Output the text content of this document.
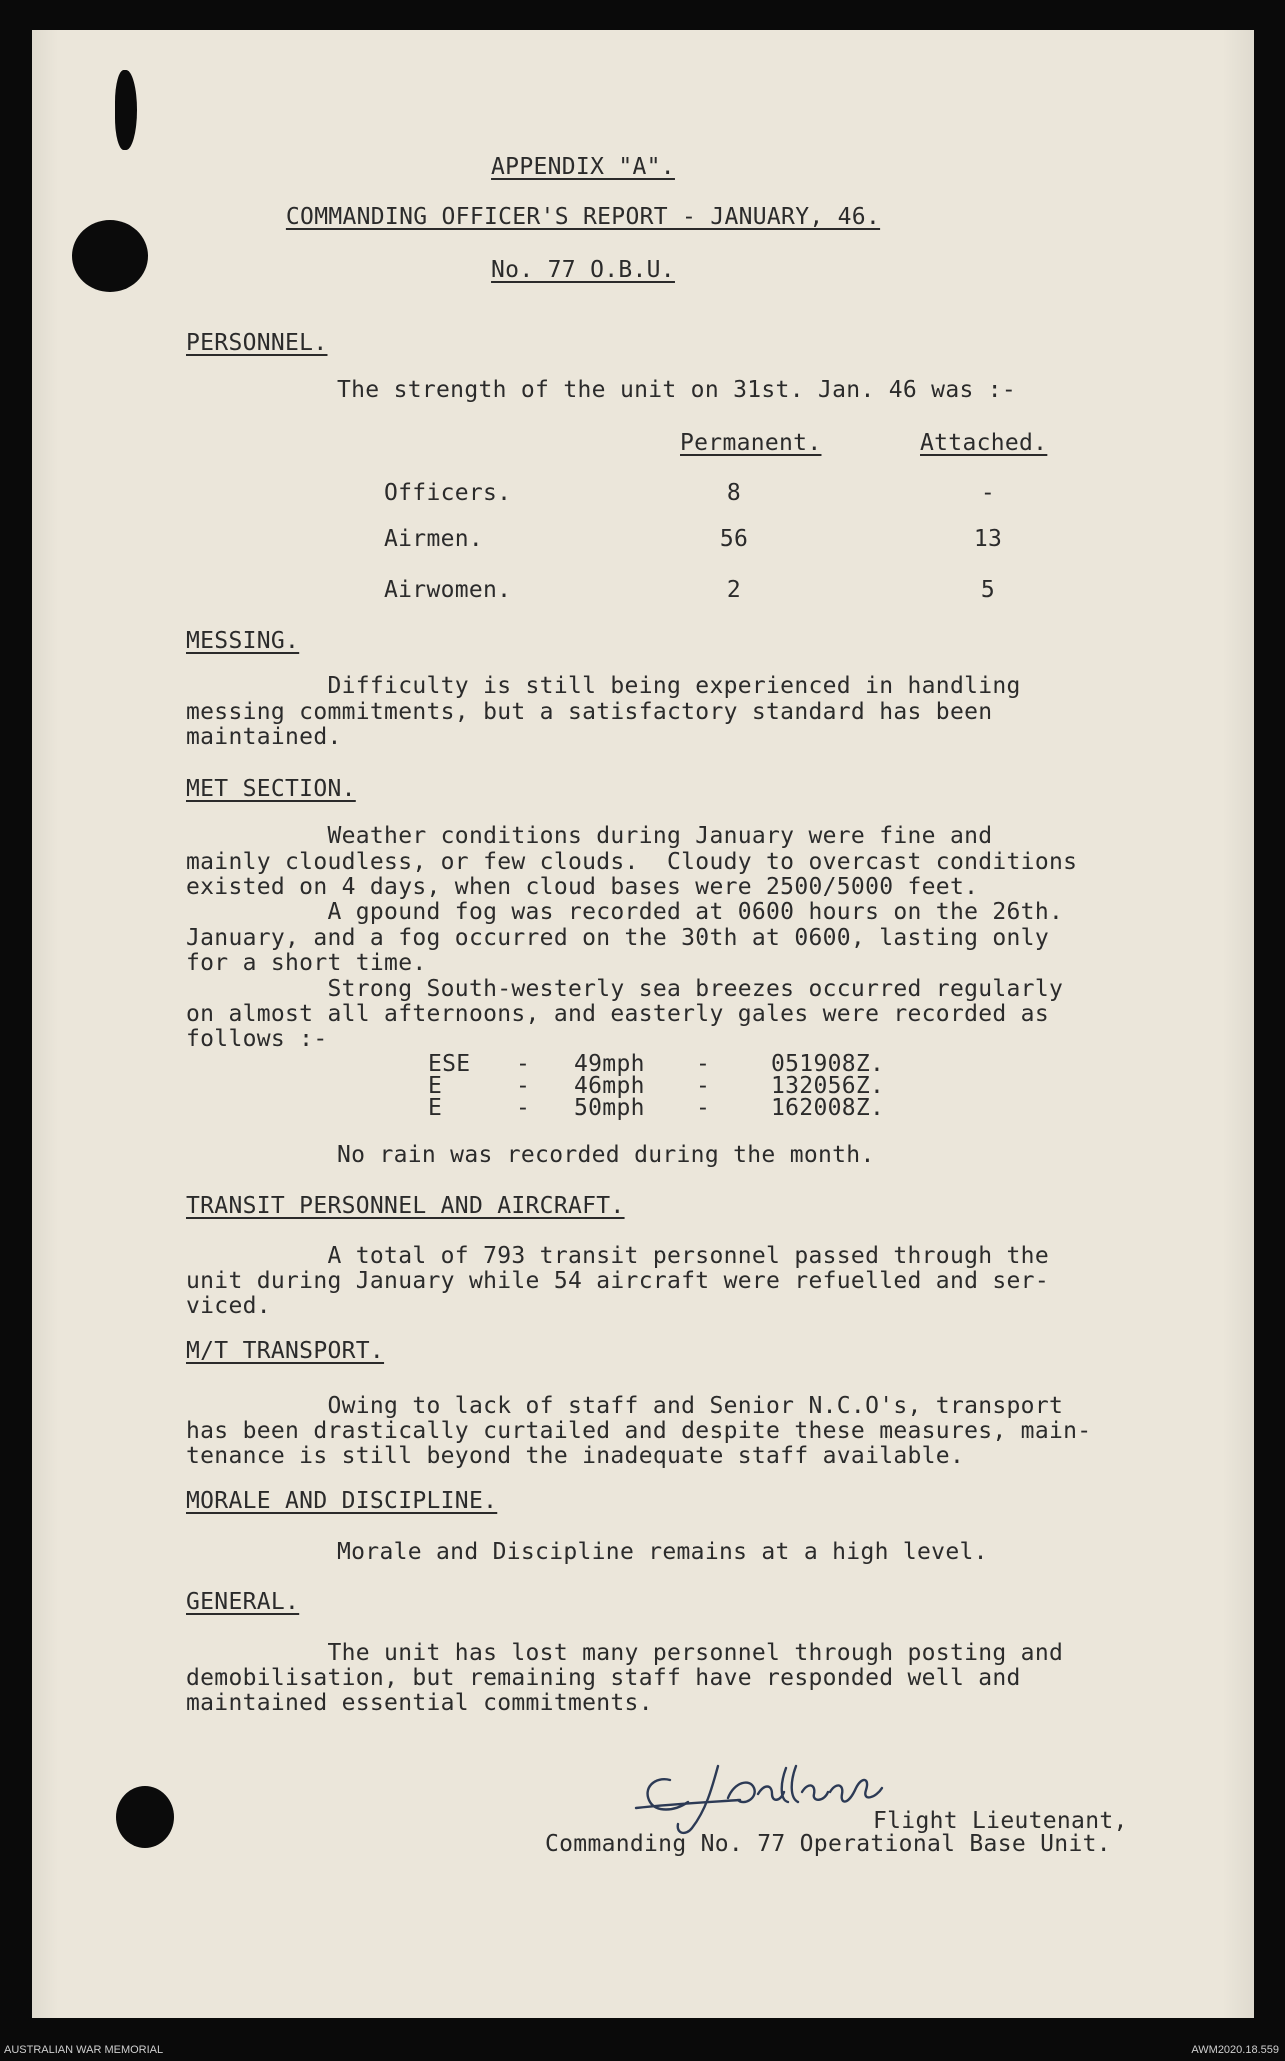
APPENDIX "A".

COMMANDING OFFICER'S REPORT - JANUARY, 46.

No. 77 O.B.U.

PERSONNEL.

The strength of the unit on 31st. Jan. 46 was :-

Permanent.	Attached.

Officers.	8	-

Airmen.	56	13

Airwomen.	2	5

MESSING.

Difficulty is still being experienced in handling

messing commitments, but a satisfactory standard has been

maintained.

MET SECTION.

Weather conditions during January were fine and

mainly cloudless, or few clouds.  Cloudy to overcast conditions

existed on 4 days, when cloud bases were 2500/5000 feet.

A gpound fog was recorded at 0600 hours on the 26th.

January, and a fog occurred on the 30th at 0600, lasting only

for a short time.

Strong South-westerly sea breezes occurred regularly

on almost all afternoons, and easterly gales were recorded as

follows :-

ESE - 49mph -	051908Z.

E	- 46mph -	132056Z.

E	- 50mph -	162008Z.

No rain was recorded during the month.

TRANSIT PERSONNEL AND AIRCRAFT.

A total of 793 transit personnel passed through the

unit during January while 54 aircraft were refuelled and ser-

viced.

M/T TRANSPORT.

Owing to lack of staff and Senior N.C.O's, transport

has been drastically curtailed and despite these measures, main-

tenance is still beyond the inadequate staff available.

MORALE AND DISCIPLINE.

Morale and Discipline remains at a high level.

GENERAL.

The unit has lost many personnel through posting and

demobilisation, but remaining staff have responded well and

maintained essential commitments.

Flight Lieutenant,

Commanding No. 77 Operational Base Unit.

AUSTRALIAN WAR MEMORIAL	AWM2020.18.559
